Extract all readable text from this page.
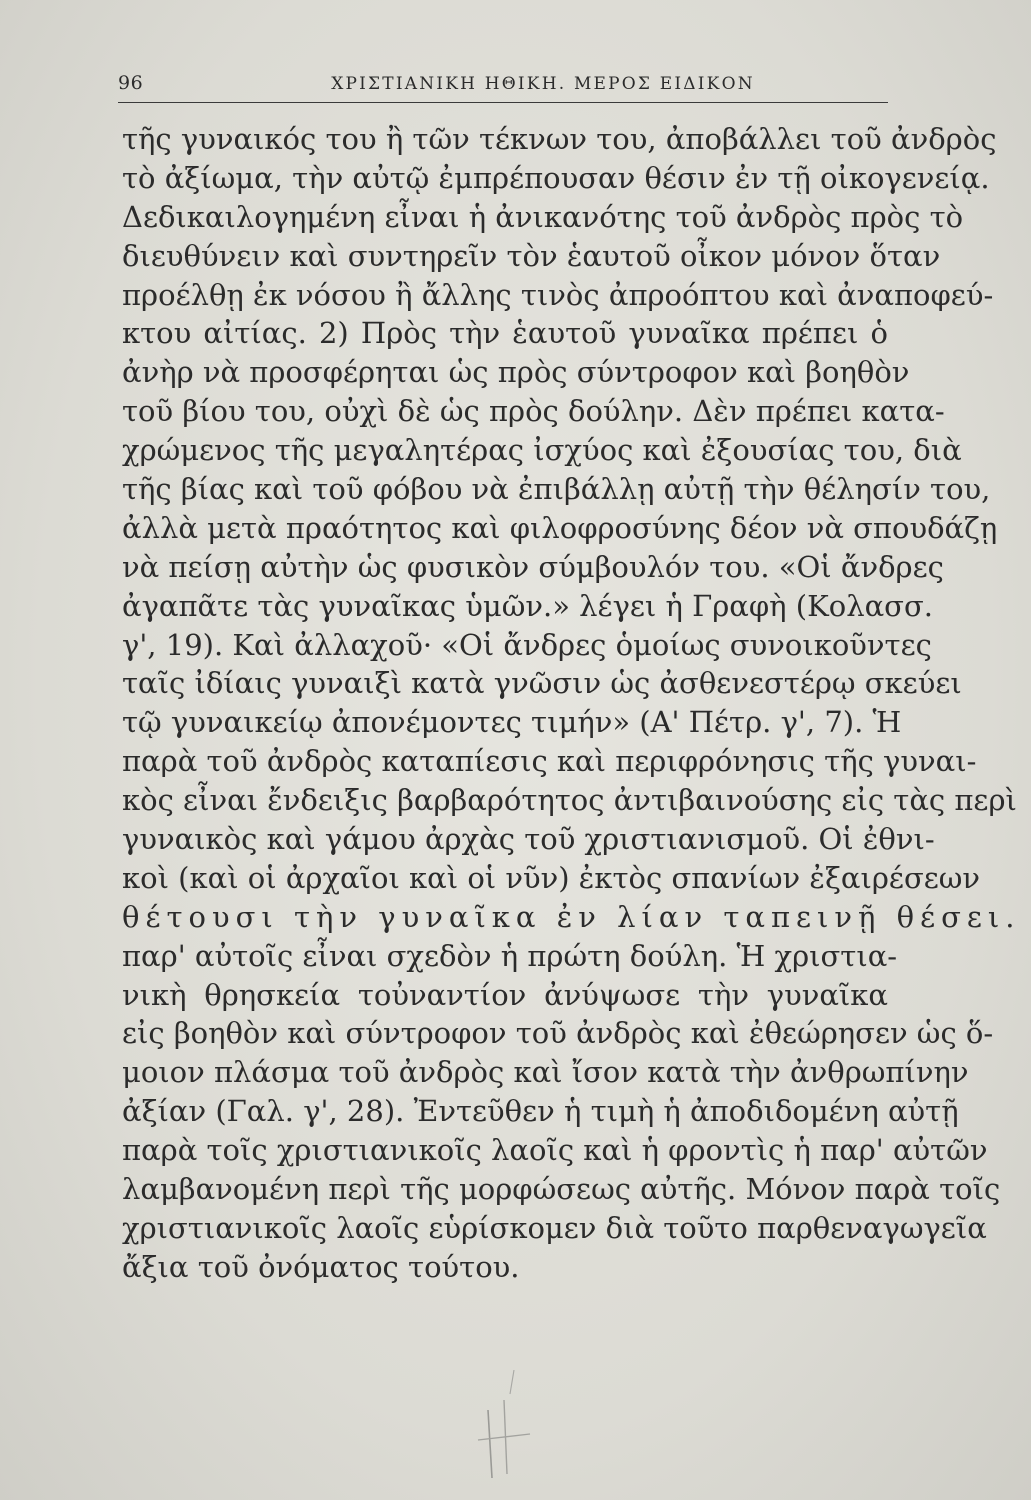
96	ΧΡΙΣΤΙΑΝΙΚΗ ΗΘΙΚΗ. ΜΕΡΟΣ ΕΙΔΙΚΟΝ
τῆς γυναικός του ἢ τῶν τέκνων του, ἀποβάλλει τοῦ ἀνδρὸς
τὸ ἀξίωμα, τὴν αὐτῷ ἐμπρέπουσαν θέσιν ἐν τῇ οἰκογενείᾳ.
Δεδικαιλογημένη εἶναι ἡ ἀνικανότης τοῦ ἀνδρὸς πρὸς τὸ
διευθύνειν καὶ συντηρεῖν τὸν ἑαυτοῦ οἶκον μόνον ὅταν
προέλθῃ ἐκ νόσου ἢ ἄλλης τινὸς ἀπροόπτου καὶ ἀναποφεύ-
κτου αἰτίας. 2) Πρὸς τὴν ἑαυτοῦ γυναῖκα πρέπει ὁ
ἀνὴρ νὰ προσφέρηται ὡς πρὸς σύντροφον καὶ βοηθὸν
τοῦ βίου του, οὐχὶ δὲ ὡς πρὸς δούλην. Δὲν πρέπει κατα-
χρώμενος τῆς μεγαλητέρας ἰσχύος καὶ ἐξουσίας του, διὰ
τῆς βίας καὶ τοῦ φόβου νὰ ἐπιβάλλῃ αὐτῇ τὴν θέλησίν του,
ἀλλὰ μετὰ πραότητος καὶ φιλοφροσύνης δέον νὰ σπουδάζῃ
νὰ πείσῃ αὐτὴν ὡς φυσικὸν σύμβουλόν του. «Οἱ ἄνδρες
ἀγαπᾶτε τὰς γυναῖκας ὑμῶν.» λέγει ἡ Γραφὴ (Κολασσ.
γ', 19). Καὶ ἀλλαχοῦ· «Οἱ ἄνδρες ὁμοίως συνοικοῦντες
ταῖς ἰδίαις γυναιξὶ κατὰ γνῶσιν ὡς ἀσθενεστέρῳ σκεύει
τῷ γυναικείῳ ἀπονέμοντες τιμήν» (Α' Πέτρ. γ', 7). Ἡ
παρὰ τοῦ ἀνδρὸς καταπίεσις καὶ περιφρόνησις τῆς γυναι-
κὸς εἶναι ἔνδειξις βαρβαρότητος ἀντιβαινούσης εἰς τὰς περὶ
γυναικὸς καὶ γάμου ἀρχὰς τοῦ χριστιανισμοῦ. Οἱ ἐθνι-
κοὶ (καὶ οἱ ἀρχαῖοι καὶ οἱ νῦν) ἐκτὸς σπανίων ἐξαιρέσεων
θέτουσι τὴν γυναῖκα ἐν λίαν ταπεινῇ θέσει.
παρ' αὐτοῖς εἶναι σχεδὸν ἡ πρώτη δούλη. Ἡ χριστια-
νικὴ θρησκεία τοὐναντίον ἀνύψωσε τὴν γυναῖκα
εἰς βοηθὸν καὶ σύντροφον τοῦ ἀνδρὸς καὶ ἐθεώρησεν ὡς ὅ-
μοιον πλάσμα τοῦ ἀνδρὸς καὶ ἴσον κατὰ τὴν ἀνθρωπίνην
ἀξίαν (Γαλ. γ', 28). Ἐντεῦθεν ἡ τιμὴ ἡ ἀποδιδομένη αὐτῇ
παρὰ τοῖς χριστιανικοῖς λαοῖς καὶ ἡ φροντὶς ἡ παρ' αὐτῶν
λαμβανομένη περὶ τῆς μορφώσεως αὐτῆς. Μόνον παρὰ τοῖς
χριστιανικοῖς λαοῖς εὑρίσκομεν διὰ τοῦτο παρθεναγωγεῖα
ἄξια τοῦ ὀνόματος τούτου.
